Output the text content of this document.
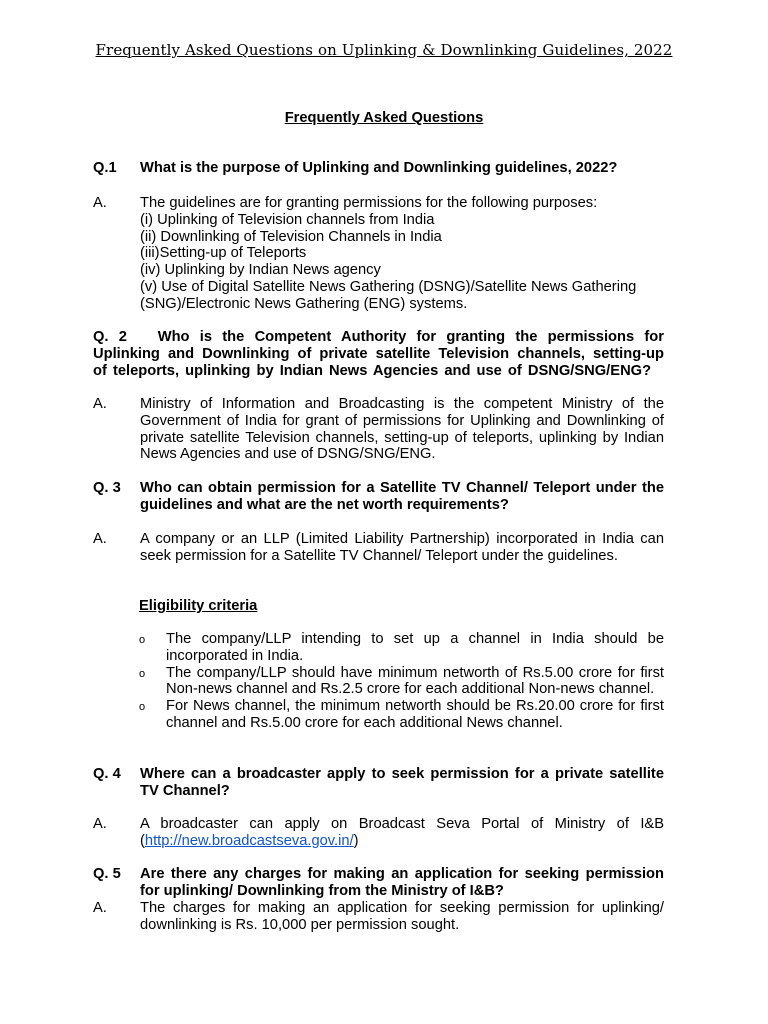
Frequently Asked Questions on Uplinking & Downlinking Guidelines, 2022
Frequently Asked Questions
Q.1 What is the purpose of Uplinking and Downlinking guidelines, 2022?
A. The guidelines are for granting permissions for the following purposes:
(i) Uplinking of Television channels from India
(ii) Downlinking of Television Channels in India
(iii)Setting-up of Teleports
(iv) Uplinking by Indian News agency
(v) Use of Digital Satellite News Gathering (DSNG)/Satellite News Gathering
(SNG)/Electronic News Gathering (ENG) systems.
Q. 2 Who is the Competent Authority for granting the permissions for Uplinking and Downlinking of private satellite Television channels, setting-up of teleports, uplinking by Indian News Agencies and use of DSNG/SNG/ENG?
A. Ministry of Information and Broadcasting is the competent Ministry of the Government of India for grant of permissions for Uplinking and Downlinking of private satellite Television channels, setting-up of teleports, uplinking by Indian News Agencies and use of DSNG/SNG/ENG.
Q. 3 Who can obtain permission for a Satellite TV Channel/ Teleport under the guidelines and what are the net worth requirements?
A. A company or an LLP (Limited Liability Partnership) incorporated in India can seek permission for a Satellite TV Channel/ Teleport under the guidelines.
Eligibility criteria
o The company/LLP intending to set up a channel in India should be incorporated in India.
o The company/LLP should have minimum networth of Rs.5.00 crore for first Non-news channel and Rs.2.5 crore for each additional Non-news channel.
o For News channel, the minimum networth should be Rs.20.00 crore for first channel and Rs.5.00 crore for each additional News channel.
Q. 4 Where can a broadcaster apply to seek permission for a private satellite TV Channel?
A. A broadcaster can apply on Broadcast Seva Portal of Ministry of I&B
(http://new.broadcastseva.gov.in/)
Q. 5 Are there any charges for making an application for seeking permission for uplinking/ Downlinking from the Ministry of I&B?
A. The charges for making an application for seeking permission for uplinking/ downlinking is Rs. 10,000 per permission sought.
